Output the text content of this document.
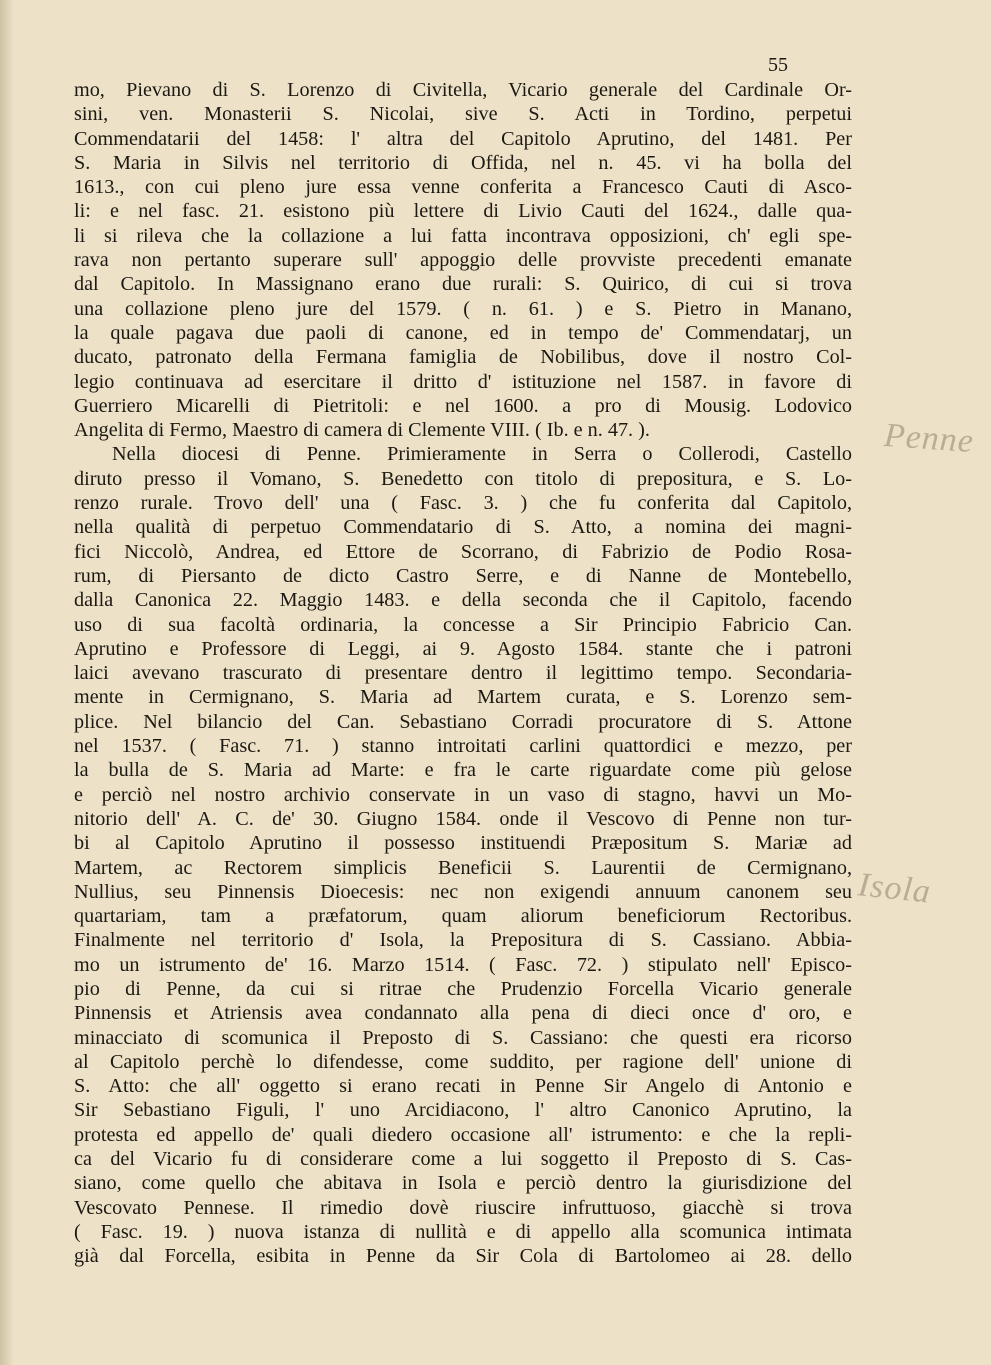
55
mo, Pievano di S. Lorenzo di Civitella, Vicario generale del Cardinale Or-
sini, ven. Monasterii S. Nicolai, sive S. Acti in Tordino, perpetui
Commendatarii del 1458: l' altra del Capitolo Aprutino, del 1481. Per
S. Maria in Silvis nel territorio di Offida, nel n. 45. vi ha bolla del
1613., con cui pleno jure essa venne conferita a Francesco Cauti di Asco-
li: e nel fasc. 21. esistono più lettere di Livio Cauti del 1624., dalle qua-
li si rileva che la collazione a lui fatta incontrava opposizioni, ch' egli spe-
rava non pertanto superare sull' appoggio delle provviste precedenti emanate
dal Capitolo. In Massignano erano due rurali: S. Quirico, di cui si trova
una collazione pleno jure del 1579. ( n. 61. ) e S. Pietro in Manano,
la quale pagava due paoli di canone, ed in tempo de' Commendatarj, un
ducato, patronato della Fermana famiglia de Nobilibus, dove il nostro Col-
legio continuava ad esercitare il dritto d' istituzione nel 1587. in favore di
Guerriero Micarelli di Pietritoli: e nel 1600. a pro di Mousig. Lodovico
Angelita di Fermo, Maestro di camera di Clemente VIII. ( Ib. e n. 47. ).
Nella diocesi di Penne. Primieramente in Serra o Collerodi, Castello
diruto presso il Vomano, S. Benedetto con titolo di prepositura, e S. Lo-
renzo rurale. Trovo dell' una ( Fasc. 3. ) che fu conferita dal Capitolo,
nella qualità di perpetuo Commendatario di S. Atto, a nomina dei magni-
fici Niccolò, Andrea, ed Ettore de Scorrano, di Fabrizio de Podio Rosa-
rum, di Piersanto de dicto Castro Serre, e di Nanne de Montebello,
dalla Canonica 22. Maggio 1483. e della seconda che il Capitolo, facendo
uso di sua facoltà ordinaria, la concesse a Sir Principio Fabricio Can.
Aprutino e Professore di Leggi, ai 9. Agosto 1584. stante che i patroni
laici avevano trascurato di presentare dentro il legittimo tempo. Secondaria-
mente in Cermignano, S. Maria ad Martem curata, e S. Lorenzo sem-
plice. Nel bilancio del Can. Sebastiano Corradi procuratore di S. Attone
nel 1537. ( Fasc. 71. ) stanno introitati carlini quattordici e mezzo, per
la bulla de S. Maria ad Marte: e fra le carte riguardate come più gelose
e perciò nel nostro archivio conservate in un vaso di stagno, havvi un Mo-
nitorio dell' A. C. de' 30. Giugno 1584. onde il Vescovo di Penne non tur-
bi al Capitolo Aprutino il possesso instituendi Præpositum S. Mariæ ad
Martem, ac Rectorem simplicis Beneficii S. Laurentii de Cermignano,
Nullius, seu Pinnensis Dioecesis: nec non exigendi annuum canonem seu
quartariam, tam a præfatorum, quam aliorum beneficiorum Rectoribus.
Finalmente nel territorio d' Isola, la Prepositura di S. Cassiano. Abbia-
mo un istrumento de' 16. Marzo 1514. ( Fasc. 72. ) stipulato nell' Episco-
pio di Penne, da cui si ritrae che Prudenzio Forcella Vicario generale
Pinnensis et Atriensis avea condannato alla pena di dieci once d' oro, e
minacciato di scomunica il Preposto di S. Cassiano: che questi era ricorso
al Capitolo perchè lo difendesse, come suddito, per ragione dell' unione di
S. Atto: che all' oggetto si erano recati in Penne Sir Angelo di Antonio e
Sir Sebastiano Figuli, l' uno Arcidiacono, l' altro Canonico Aprutino, la
protesta ed appello de' quali diedero occasione all' istrumento: e che la repli-
ca del Vicario fu di considerare come a lui soggetto il Preposto di S. Cas-
siano, come quello che abitava in Isola e perciò dentro la giurisdizione del
Vescovato Pennese. Il rimedio dovè riuscire infruttuoso, giacchè si trova
( Fasc. 19. ) nuova istanza di nullità e di appello alla scomunica intimata
già dal Forcella, esibita in Penne da Sir Cola di Bartolomeo ai 28. dello
Penne
Isola
